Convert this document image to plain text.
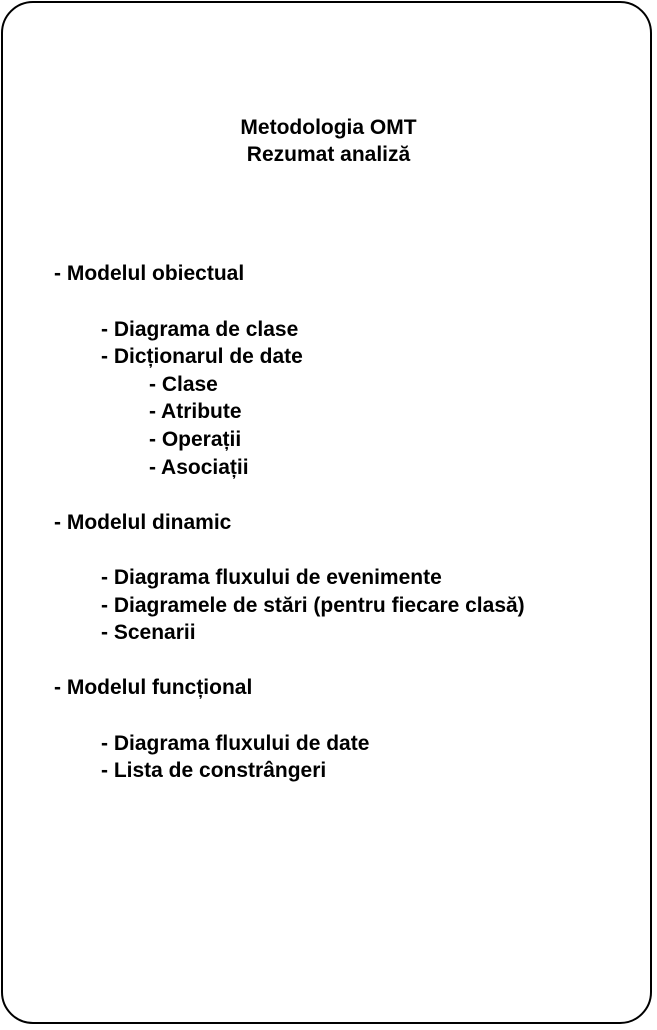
Metodologia OMT
Rezumat analiză
- Modelul obiectual
- Diagrama de clase
- Dicționarul de date
- Clase
- Atribute
- Operații
- Asociații
- Modelul dinamic
- Diagrama fluxului de evenimente
- Diagramele de stări (pentru fiecare clasă)
- Scenarii
- Modelul funcțional
- Diagrama fluxului de date
- Lista de constrângeri
